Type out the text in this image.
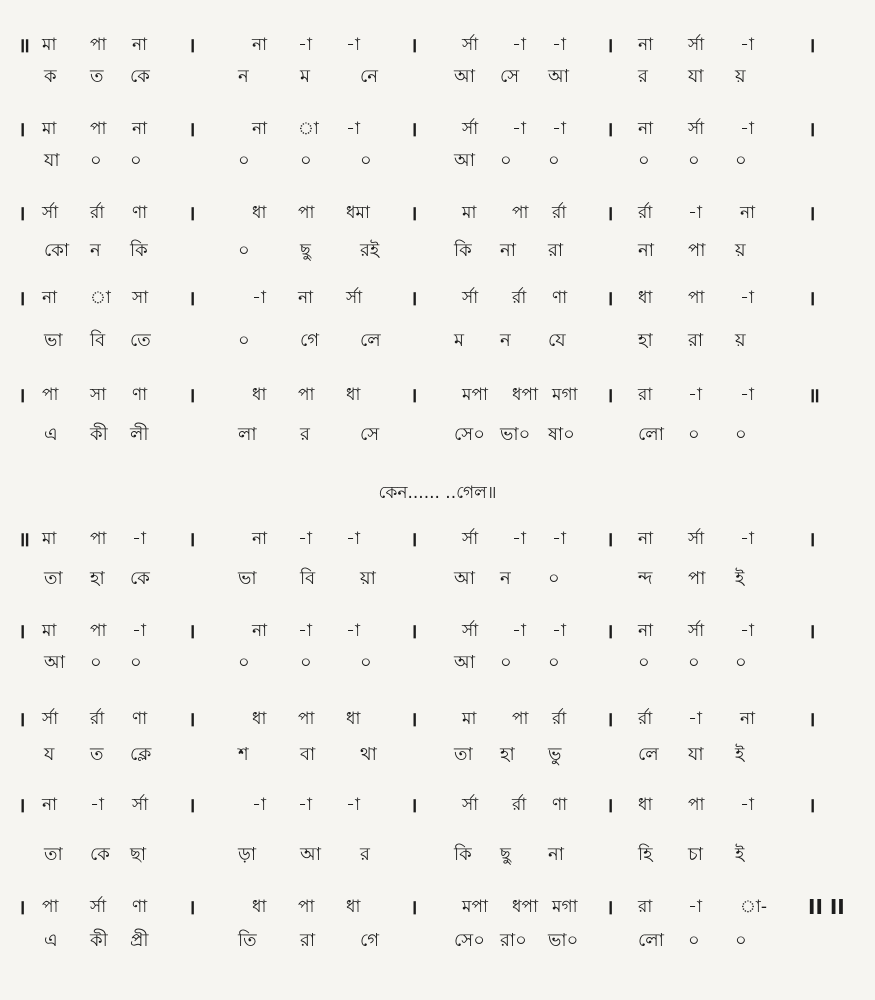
॥ মা পা না ।	না -া -া	।	র্সা -া -া । না র্সা -া	।
ক ত কে	ন	ম	নে	আ সে আ	র যা য়
। মা পা না ।	না া -া	।	র্সা -া -া । না র্সা -া	।
যা ০ ০	০	০	০	আ ০ ০	০ ০ ০
। র্সা র্রা ণা ।	ধা পা ধমা ।	মা পা র্রা । র্রা -া না	।
কো ন কি	০	ছু	রই	কি না রা	না পা য়
। না া সা ।	-া না র্সা ।	র্সা র্রা ণা । ধা পা -া	।
ভা বি তে	০	গে লে	ম ন যে	হা রা য়
। পা সা ণা ।	ধা পা ধা ।	মপা ধপা মগা । রা -া -া	॥
এ কী লী	লা র	সে	সে০ ভা০ ষা০	লো ০ ০
কেন...... ..গেল॥
॥ মা পা -া ।	না -া -া	।	র্সা -া -া । না র্সা -া	।
তা হা কে	ভা বি য়া	আ ন ০	ন্দ পা ই
। মা পা -া ।	না -া -া	।	র্সা -া -া । না র্সা -া	।
আ ০ ০	০	০	০	আ ০ ০	০ ০ ০
। র্সা র্রা ণা ।	ধা পা ধা ।	মা পা র্রা । র্রা -া না	।
য ত ক্লে	শ	বা থা	তা হা ভু	লে যা ই
। না -া র্সা ।	-া -া -া	।	র্সা র্রা ণা । ধা পা -া	।
তা কে ছা	ড়া আ র	কি ছু না	হি চা ই
। পা র্সা ণা ।	ধা পা ধা ।	মপা ধপা মগা । রা -া া- II II
এ কী প্রী	তি রা গে	সে০ রা০ ভা০	লো ০ ০
